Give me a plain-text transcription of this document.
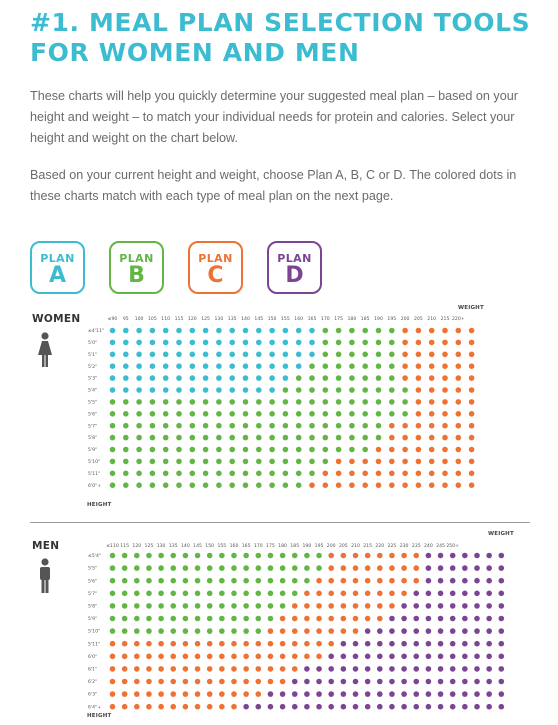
#1. MEAL PLAN SELECTION TOOLS FOR WOMEN AND MEN

These charts will help you quickly determine your suggested meal plan – based on your height and weight – to match your individual needs for protein and calories. Select your height and weight on the chart below.

Based on your current height and weight, choose Plan A, B, C or D. The colored dots in these charts match with each type of meal plan on the next page.

PLAN
A
PLAN
B
PLAN
C
PLAN
D

WOMEN

WEIGHT
HEIGHT
≤90 95 100 105 110 115 120 125 130 135 140 145 150 155 160 165 170 175 180 185 190 195 200 205 210 215 220+
≤4'11"
5'0"
5'1"
5'2"
5'3"
5'4"
5'5"
5'6"
5'7"
5'8"
5'9"
5'10"
5'11"
6'0"+

MEN

WEIGHT
HEIGHT
≤110 115 120 125 130 135 140 145 150 155 160 165 170 175 180 185 190 195 200 205 210 215 220 225 230 235 240 245 250+
≤5'4"
5'5"
5'6"
5'7"
5'8"
5'9"
5'10"
5'11"
6'0"
6'1"
6'2"
6'3"
6'4"+
